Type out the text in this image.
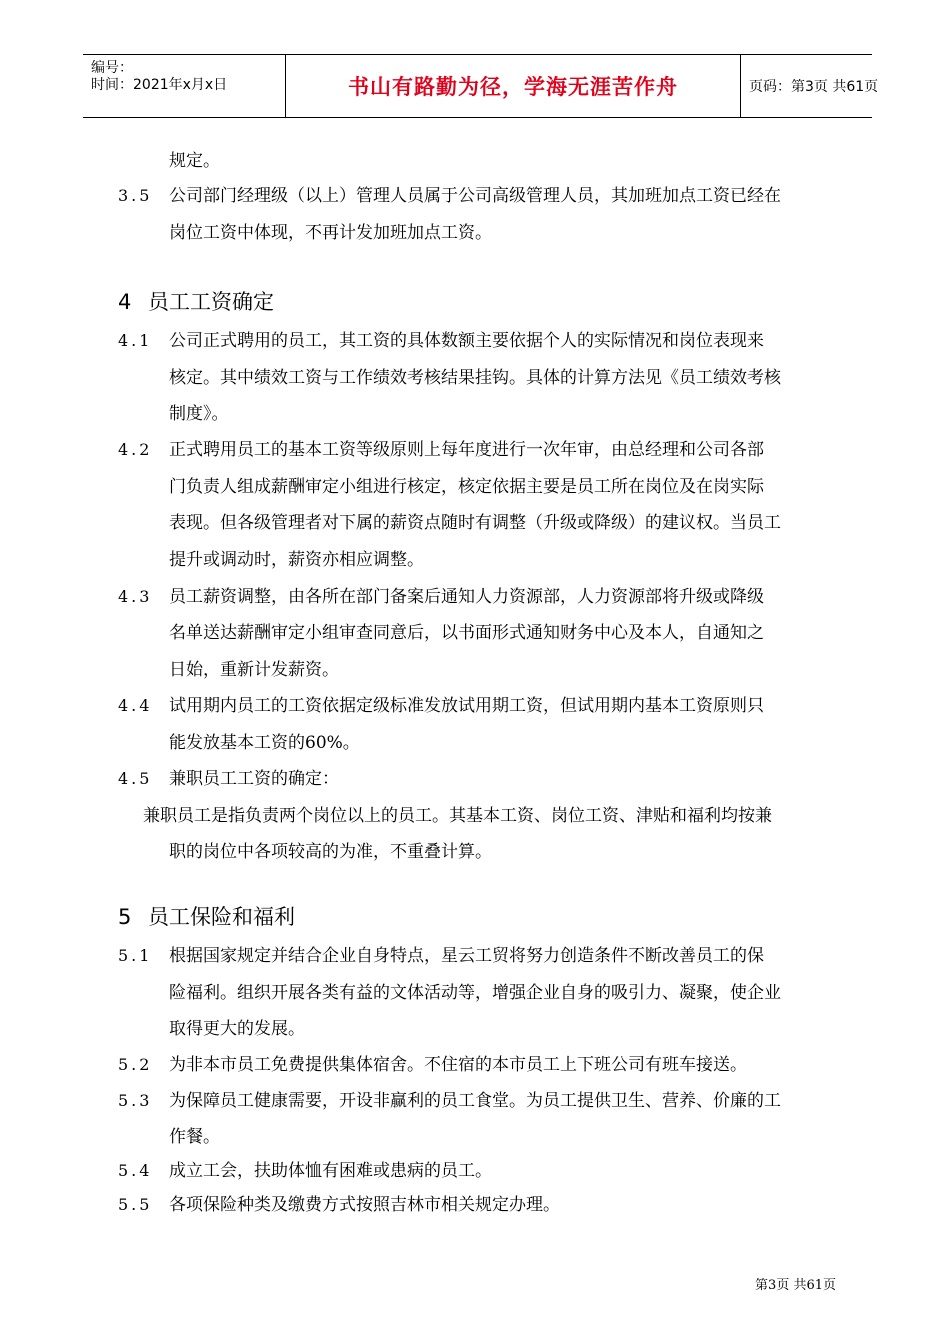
编号：
时间：2021年x月x日	书山有路勤为径，学海无涯苦作舟	页码：第3页 共61页
规定。
3.5 公司部门经理级（以上）管理人员属于公司高级管理人员，其加班加点工资已经在
岗位工资中体现，不再计发加班加点工资。
4 员工工资确定
4.1 公司正式聘用的员工，其工资的具体数额主要依据个人的实际情况和岗位表现来
核定。其中绩效工资与工作绩效考核结果挂钩。具体的计算方法见《员工绩效考核
制度》。
4.2 正式聘用员工的基本工资等级原则上每年度进行一次年审，由总经理和公司各部
门负责人组成薪酬审定小组进行核定，核定依据主要是员工所在岗位及在岗实际
表现。但各级管理者对下属的薪资点随时有调整（升级或降级）的建议权。当员工
提升或调动时，薪资亦相应调整。
4.3 员工薪资调整，由各所在部门备案后通知人力资源部，人力资源部将升级或降级
名单送达薪酬审定小组审查同意后，以书面形式通知财务中心及本人，自通知之
日始，重新计发薪资。
4.4 试用期内员工的工资依据定级标准发放试用期工资，但试用期内基本工资原则只
能发放基本工资的60%。
4.5 兼职员工工资的确定：
兼职员工是指负责两个岗位以上的员工。其基本工资、岗位工资、津贴和福利均按兼
职的岗位中各项较高的为准，不重叠计算。
5 员工保险和福利
5.1 根据国家规定并结合企业自身特点，星云工贸将努力创造条件不断改善员工的保
险福利。组织开展各类有益的文体活动等，增强企业自身的吸引力、凝聚，使企业
取得更大的发展。
5.2 为非本市员工免费提供集体宿舍。不住宿的本市员工上下班公司有班车接送。
5.3 为保障员工健康需要，开设非赢利的员工食堂。为员工提供卫生、营养、价廉的工
作餐。
5.4 成立工会，扶助体恤有困难或患病的员工。
5.5 各项保险种类及缴费方式按照吉林市相关规定办理。
第3页 共61页
